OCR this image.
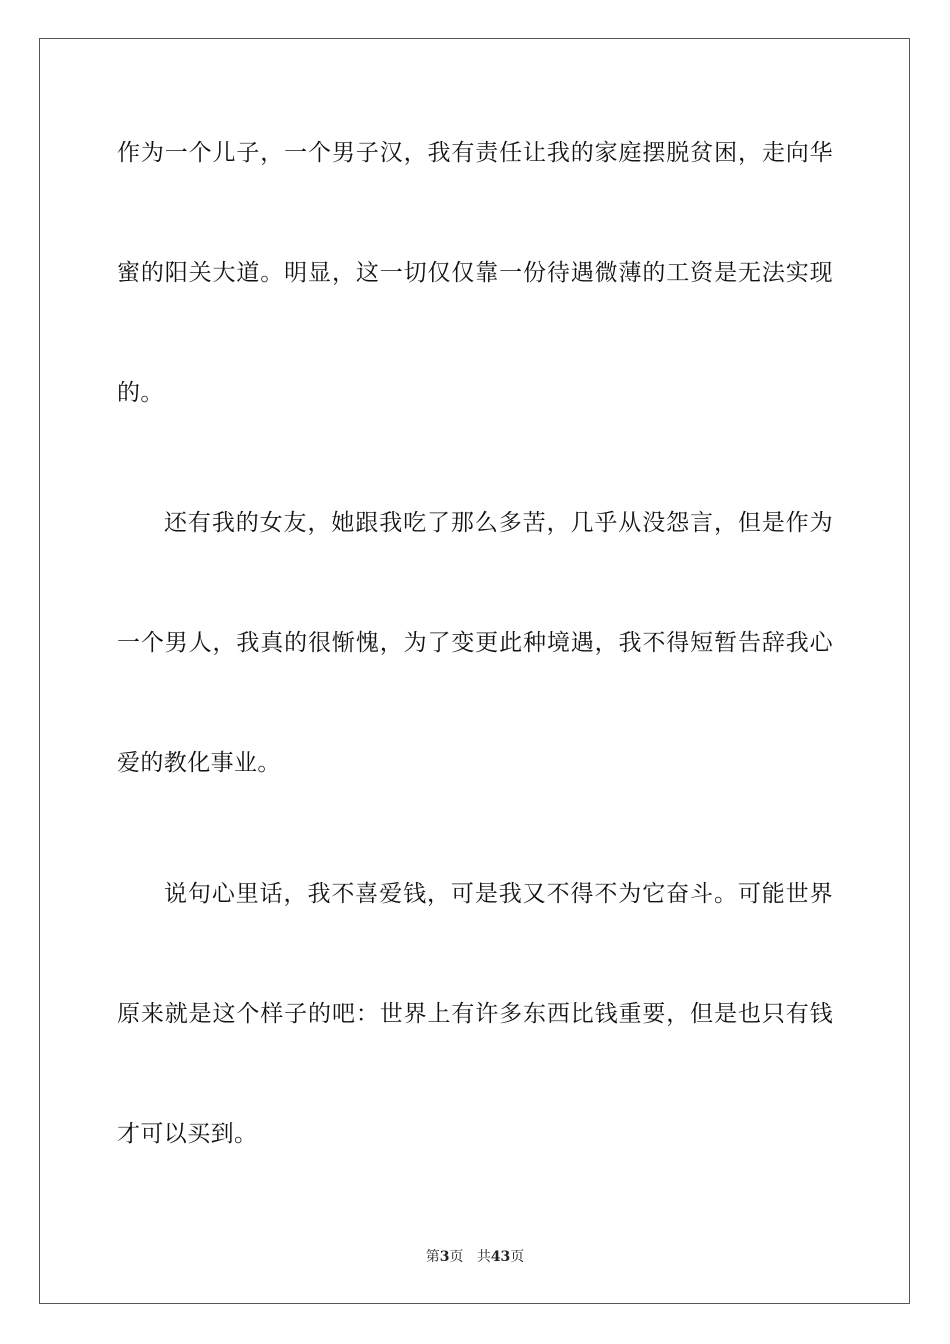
作为一个儿子，一个男子汉，我有责任让我的家庭摆脱贫困，走向华
蜜的阳关大道。明显，这一切仅仅靠一份待遇微薄的工资是无法实现
的。
还有我的女友，她跟我吃了那么多苦，几乎从没怨言，但是作为
一个男人，我真的很惭愧，为了变更此种境遇，我不得短暂告辞我心
爱的教化事业。
说句心里话，我不喜爱钱，可是我又不得不为它奋斗。可能世界
原来就是这个样子的吧：世界上有许多东西比钱重要，但是也只有钱
才可以买到。
第3页 共43页
